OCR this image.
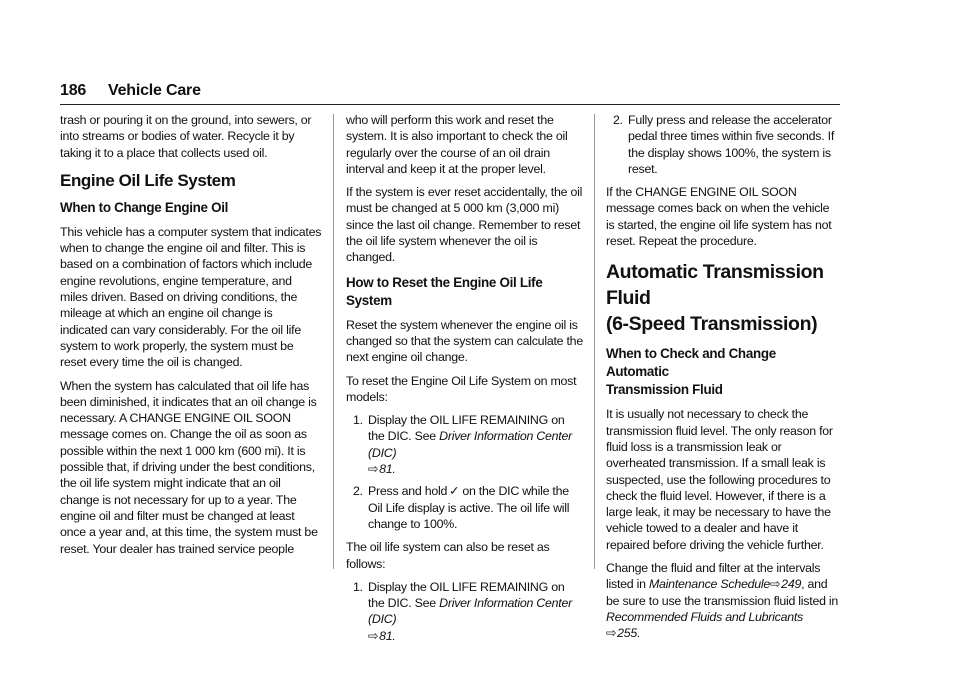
186 Vehicle Care

trash or pouring it on the ground, into sewers, or into streams or bodies of water. Recycle it by taking it to a place that collects used oil.

Engine Oil Life System
When to Change Engine Oil

This vehicle has a computer system that indicates when to change the engine oil and filter. This is based on a combination of factors which include engine revolutions, engine temperature, and miles driven. Based on driving conditions, the mileage at which an engine oil change is indicated can vary considerably. For the oil life system to work properly, the system must be reset every time the oil is changed.

When the system has calculated that oil life has been diminished, it indicates that an oil change is necessary. A CHANGE ENGINE OIL SOON message comes on. Change the oil as soon as possible within the next 1 000 km (600 mi). It is possible that, if driving under the best conditions, the oil life system might indicate that an oil change is not necessary for up to a year. The engine oil and filter must be changed at least once a year and, at this time, the system must be reset. Your dealer has trained service people

who will perform this work and reset the system. It is also important to check the oil regularly over the course of an oil drain interval and keep it at the proper level.

If the system is ever reset accidentally, the oil must be changed at 5 000 km (3,000 mi) since the last oil change. Remember to reset the oil life system whenever the oil is changed.

How to Reset the Engine Oil Life System

Reset the system whenever the engine oil is changed so that the system can calculate the next engine oil change.

To reset the Engine Oil Life System on most models:

1. Display the OIL LIFE REMAINING on the DIC. See Driver Information Center (DIC)
⇨81.
2. Press and hold ✓ on the DIC while the Oil Life display is active. The oil life will change to 100%.

The oil life system can also be reset as follows:

1. Display the OIL LIFE REMAINING on the DIC. See Driver Information Center (DIC)
⇨81.
2. Fully press and release the accelerator pedal three times within five seconds. If the display shows 100%, the system is reset.

If the CHANGE ENGINE OIL SOON message comes back on when the vehicle is started, the engine oil life system has not reset. Repeat the procedure.

Automatic Transmission Fluid
(6-Speed Transmission)
When to Check and Change Automatic
Transmission Fluid

It is usually not necessary to check the transmission fluid level. The only reason for fluid loss is a transmission leak or overheated transmission. If a small leak is suspected, use the following procedures to check the fluid level. However, if there is a large leak, it may be necessary to have the vehicle towed to a dealer and have it repaired before driving the vehicle further.

Change the fluid and filter at the intervals listed in Maintenance Schedule⇨249, and be sure to use the transmission fluid listed in Recommended Fluids and Lubricants
⇨255.
